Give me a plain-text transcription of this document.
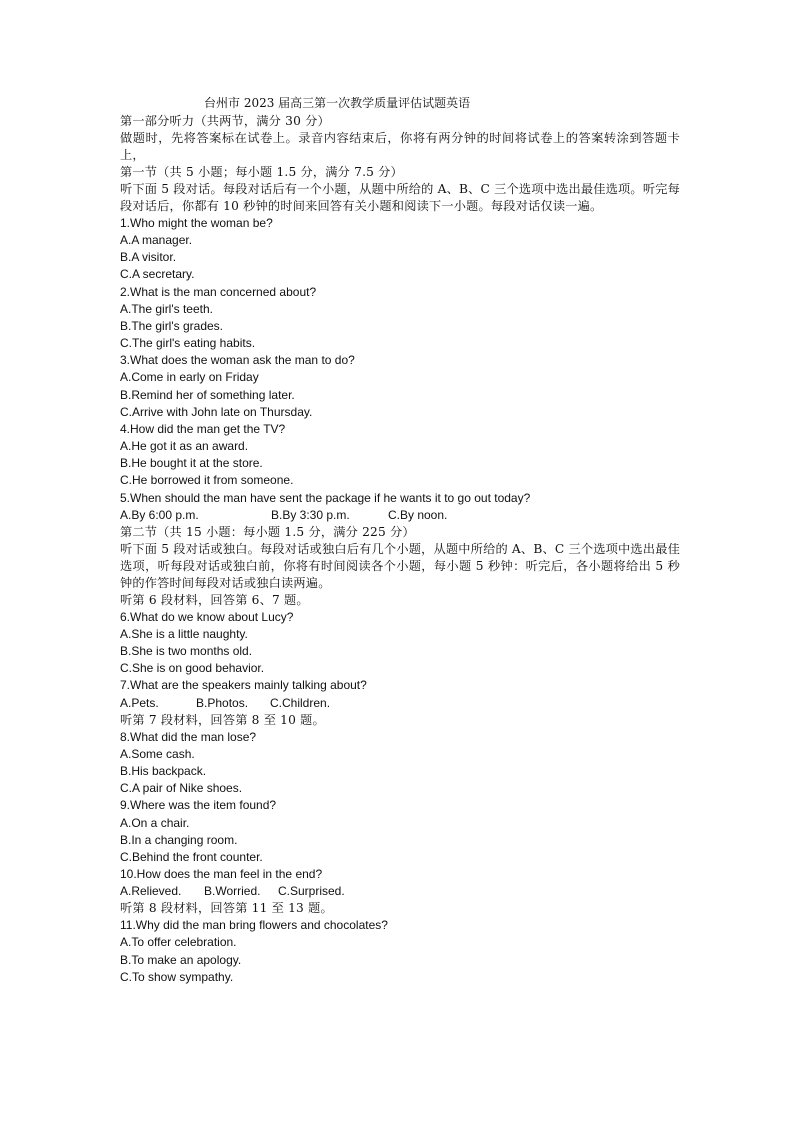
台州市 2023 届高三第一次教学质量评估试题英语

第一部分听力（共两节，满分 30 分）

做题时，先将答案标在试卷上。录音内容结束后，你将有两分钟的时间将试卷上的答案转涂到答题卡上，

第一节（共 5 小题；每小题 1.5 分，满分 7.5 分）

听下面 5 段对话。每段对话后有一个小题，从题中所给的 A、B、C 三个选项中选出最佳选项。听完每段对话后，你都有 10 秒钟的时间来回答有关小题和阅读下一小题。每段对话仅读一遍。

1.Who might the woman be?

A.A manager.

B.A visitor.

C.A secretary.

2.What is the man concerned about?

A.The girl's teeth.

B.The girl's grades.

C.The girl's eating habits.

3.What does the woman ask the man to do?

A.Come in early on Friday

B.Remind her of something later.

C.Arrive with John late on Thursday.

4.How did the man get the TV?

A.He got it as an award.

B.He bought it at the store.

C.He borrowed it from someone.

5.When should the man have sent the package if he wants it to go out today?

A.By 6:00 p.m.	B.By 3:30 p.m.	C.By noon.

第二节（共 15 小题：每小题 1.5 分，满分 225 分）

听下面 5 段对话或独白。每段对话或独白后有几个小题，从题中所给的 A、B、C 三个选项中选出最佳选项，听每段对话或独白前，你将有时间阅读各个小题，每小题 5 秒钟：听完后，各小题将给出 5 秒钟的作答时间每段对话或独白读两遍。

听第 6 段材料，回答第 6、7 题。

6.What do we know about Lucy?

A.She is a little naughty.

B.She is two months old.

C.She is on good behavior.

7.What are the speakers mainly talking about?

A.Pets.	B.Photos. C.Children.

听第 7 段材料，回答第 8 至 10 题。

8.What did the man lose?

A.Some cash.

B.His backpack.

C.A pair of Nike shoes.

9.Where was the item found?

A.On a chair.

B.In a changing room.

C.Behind the front counter.

10.How does the man feel in the end?

A.Relieved. B.Worried. C.Surprised.

听第 8 段材料，回答第 11 至 13 题。

11.Why did the man bring flowers and chocolates?

A.To offer celebration.

B.To make an apology.

C.To show sympathy.
